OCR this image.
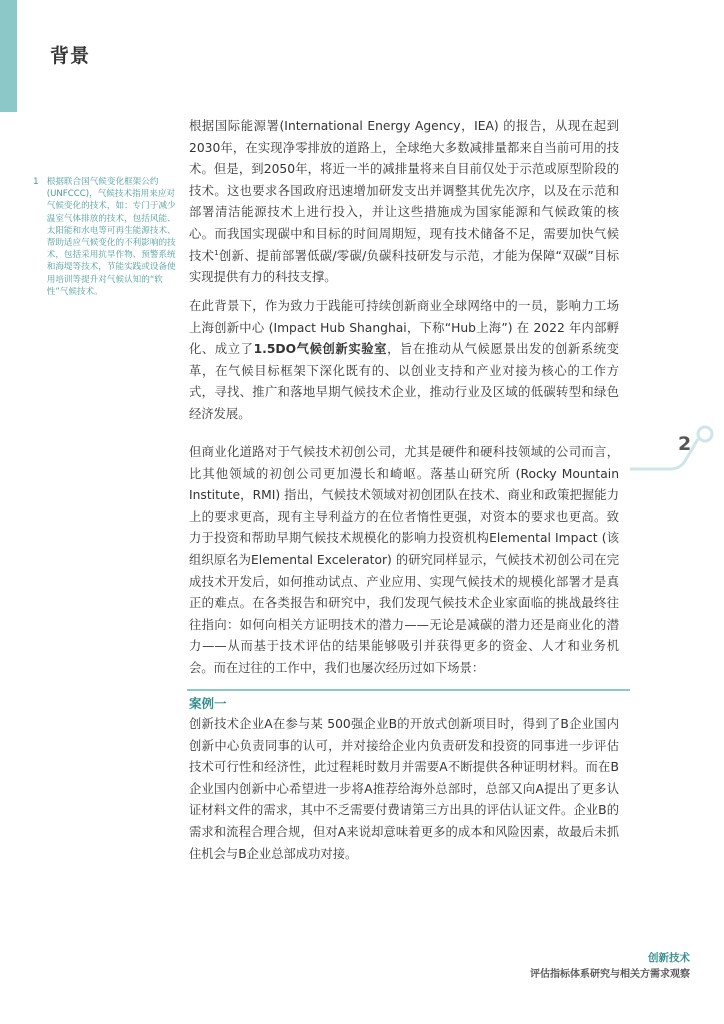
背景
1 根据联合国气候变化框架公约(UNFCCC)，气候技术指用来应对气候变化的技术，如：专门于减少温室气体排放的技术，包括风能、太阳能和水电等可再生能源技术、帮助适应气候变化的不利影响的技术，包括采用抗旱作物、预警系统和海堤等技术，节能实践或设备使用培训等提升对气候认知的“软性”气候技术。
根据国际能源署(International Energy Agency，IEA) 的报告，从现在起到2030年，在实现净零排放的道路上，全球绝大多数减排量都来自当前可用的技术。但是，到2050年，将近一半的减排量将来自目前仅处于示范或原型阶段的技术。这也要求各国政府迅速增加研发支出并调整其优先次序，以及在示范和部署清洁能源技术上进行投入，并让这些措施成为国家能源和气候政策的核心。而我国实现碳中和目标的时间周期短，现有技术储备不足，需要加快气候技术$^1$创新、提前部署低碳/零碳/负碳科技研发与示范，才能为保障“双碳”目标实现提供有力的科技支撑。
在此背景下，作为致力于践能可持续创新商业全球网络中的一员，影响力工场上海创新中心 (Impact Hub Shanghai，下称“Hub上海”) 在 2022 年内部孵化、成立了1.5DO气候创新实验室，旨在推动从气候愿景出发的创新系统变革，在气候目标框架下深化既有的、以创业支持和产业对接为核心的工作方式，寻找、推广和落地早期气候技术企业，推动行业及区域的低碳转型和绿色经济发展。
但商业化道路对于气候技术初创公司，尤其是硬件和硬科技领域的公司而言，比其他领域的初创公司更加漫长和崎岖。落基山研究所 (Rocky Mountain Institute，RMI) 指出，气候技术领域对初创团队在技术、商业和政策把握能力上的要求更高，现有主导利益方的在位者惰性更强，对资本的要求也更高。致力于投资和帮助早期气候技术规模化的影响力投资机构Elemental Impact (该组织原名为Elemental Excelerator) 的研究同样显示，气候技术初创公司在完成技术开发后，如何推动试点、产业应用、实现气候技术的规模化部署才是真正的难点。在各类报告和研究中，我们发现气候技术企业家面临的挑战最终往往指向：如何向相关方证明技术的潜力——无论是减碳的潜力还是商业化的潜力——从而基于技术评估的结果能够吸引并获得更多的资金、人才和业务机会。而在过往的工作中，我们也屡次经历过如下场景：
2
案例一
创新技术企业A在参与某 500强企业B的开放式创新项目时，得到了B企业国内创新中心负责同事的认可，并对接给企业内负责研发和投资的同事进一步评估技术可行性和经济性，此过程耗时数月并需要A不断提供各种证明材料。而在B企业国内创新中心希望进一步将A推荐给海外总部时，总部又向A提出了更多认证材料文件的需求，其中不乏需要付费请第三方出具的评估认证文件。企业B的需求和流程合理合规，但对A来说却意味着更多的成本和风险因素，故最后未抓住机会与B企业总部成功对接。
创新技术
评估指标体系研究与相关方需求观察
